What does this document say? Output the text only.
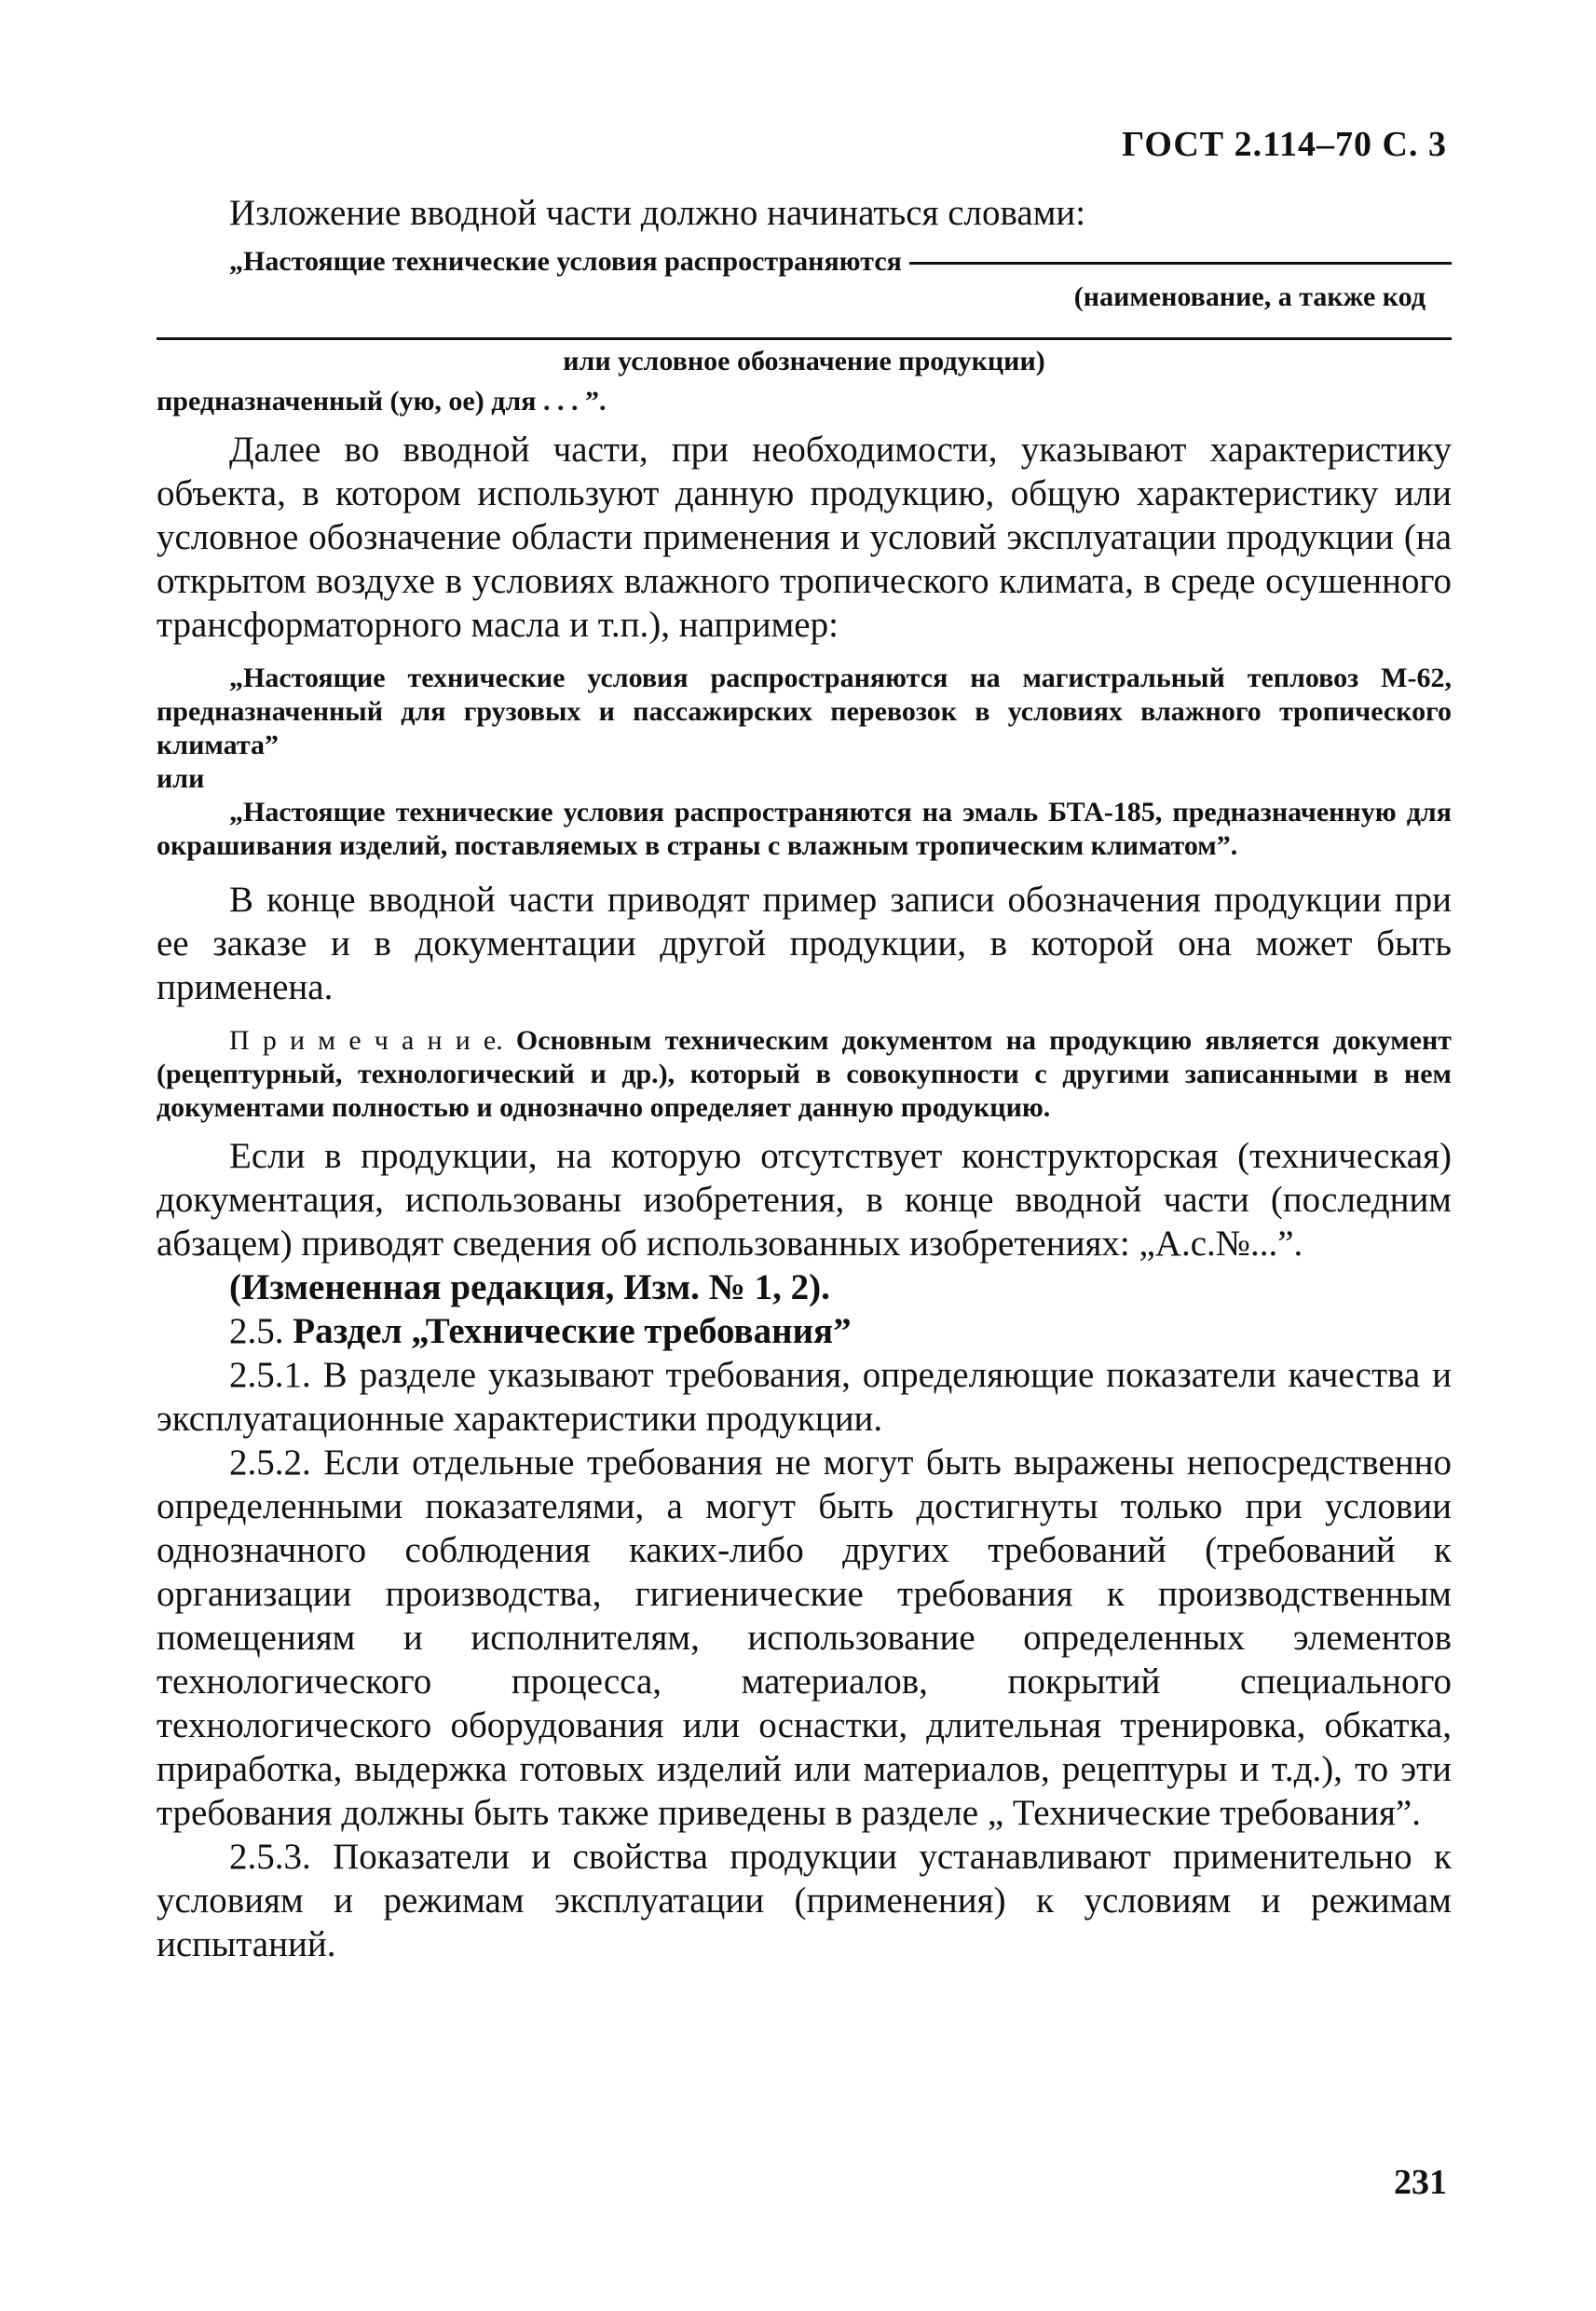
ГОСТ 2.114–70 С. 3

Изложение вводной части должно начинаться словами:

„Настоящие технические условия распространяются
(наименование, а также код
или условное обозначение продукции)

предназначенный (ую, ое) для . . . ”.

Далее во вводной части, при необходимости, указывают характеристику объекта, в котором используют данную продукцию, общую характеристику или условное обозначение области применения и условий эксплуатации продукции (на открытом воздухе в условиях влажного тропического климата, в среде осушенного трансформаторного масла и т.п.), например:

„Настоящие технические условия распространяются на магистральный тепловоз М-62, предназначенный для грузовых и пассажирских перевозок в условиях влажного тропического климата”

или

„Настоящие технические условия распространяются на эмаль БТА-185, предназначенную для окрашивания изделий, поставляемых в страны с влажным тропическим климатом”.

В конце вводной части приводят пример записи обозначения продукции при ее заказе и в документации другой продукции, в которой она может быть применена.

П р и м е ч а н и е. Основным техническим документом на продукцию является документ (рецептурный, технологический и др.), который в совокупности с другими записанными в нем документами полностью и однозначно определяет данную продукцию.

Если в продукции, на которую отсутствует конструкторская (техническая) документация, использованы изобретения, в конце вводной части (последним абзацем) приводят сведения об использованных изобретениях: „А.с.№...”.

(Измененная редакция, Изм. № 1, 2).

2.5. Раздел „Технические требования”

2.5.1. В разделе указывают требования, определяющие показатели качества и эксплуатационные характеристики продукции.

2.5.2. Если отдельные требования не могут быть выражены непосредственно определенными показателями, а могут быть достигнуты только при условии однозначного соблюдения каких-либо других требований (требований к организации производства, гигиенические требования к производственным помещениям и исполнителям, использование определенных элементов технологического процесса, материалов, покрытий специального технологического оборудования или оснастки, длительная тренировка, обкатка, приработка, выдержка готовых изделий или материалов, рецептуры и т.д.), то эти требования должны быть также приведены в разделе „ Технические требования”.

2.5.3. Показатели и свойства продукции устанавливают применительно к условиям и режимам эксплуатации (применения) к условиям и режимам испытаний.

231
